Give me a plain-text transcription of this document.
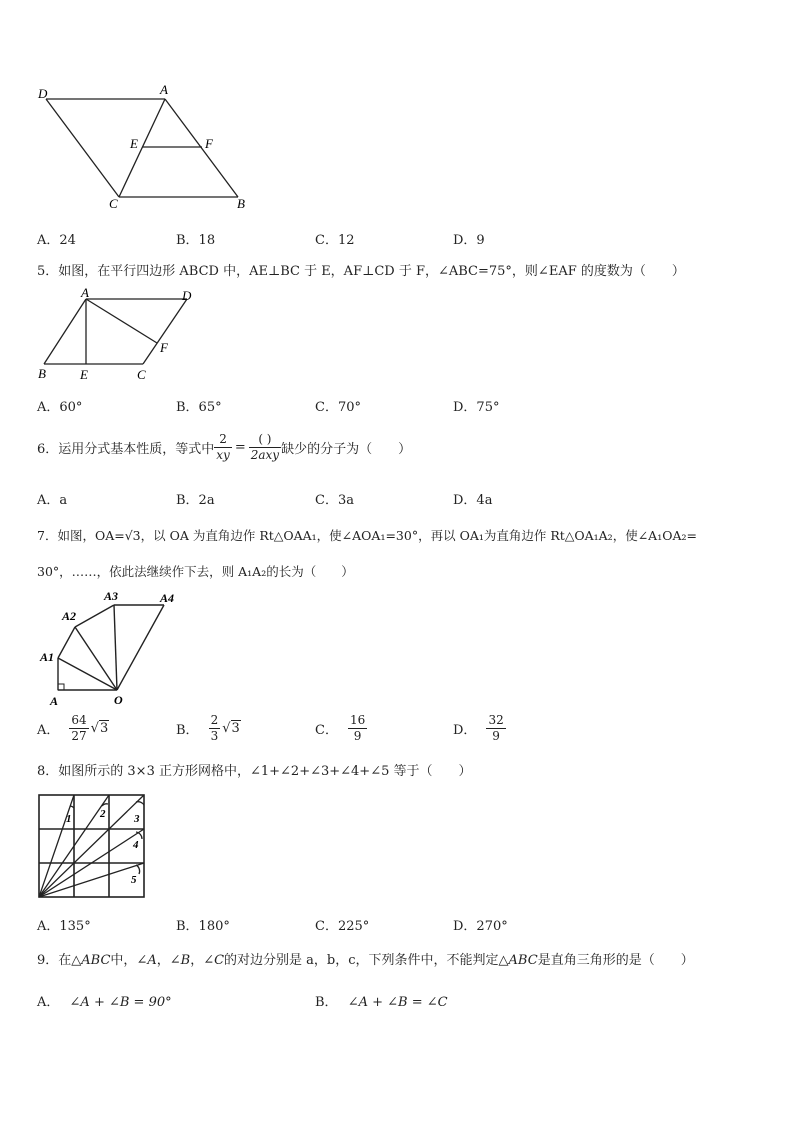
D	A
E	F
C	B
A．24	B．18	C．12	D．9
5．如图，在平行四边形 ABCD 中，AE⊥BC 于 E，AF⊥CD 于 F，∠ABC=75°，则∠EAF 的度数为（　　）
A	D
F
B	E	C
A．60°	B．65°	C．70°	D．75°
6．运用分式基本性质，等式中 $\frac{2}{xy} = \frac{( )}{\text{2axy}}$ 缺少的分子为（　　）
A．a	B．2a	C．3a	D．4a
7．如图，OA=√3，以 OA 为直角边作 Rt△OAA₁，使∠AOA₁=30°，再以 OA₁为直角边作 Rt△OA₁A₂，使∠A₁OA₂=
30°，……，依此法继续作下去，则 A₁A₂的长为（　　）
A4
A3
A2
A1
A	O
A． $\frac{64}{27} √3$	B． $\frac{2}{3} √3$	C． $\frac{16}{9}$	D． $\frac{32}{9}$
8．如图所示的 3×3 正方形网格中，∠1+∠2+∠3+∠4+∠5 等于（　　）
1	2	3
4
5
A．135°	B．180°	C．225°	D．270°
9．在△ABC中，∠A，∠B，∠C的对边分别是 a，b，c，下列条件中，不能判定△ABC是直角三角形的是（　　）
A． ∠A + ∠B = 90°	B． ∠A + ∠B = ∠C
